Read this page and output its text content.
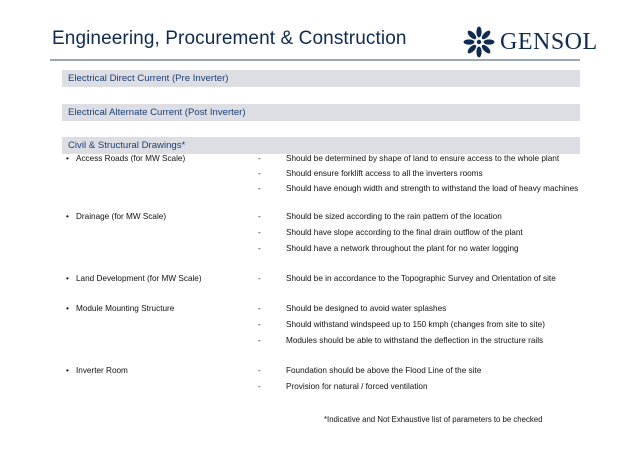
Engineering, Procurement & Construction	GENSOL
Electrical Direct Current (Pre Inverter)
Electrical Alternate Current (Post Inverter)
Civil & Structural Drawings*
• Access Roads (for MW Scale)	-	Should be determined by shape of land to ensure access to the whole plant
-	Should ensure forklift access to all the inverters rooms
-	Should have enough width and strength to withstand the load of heavy machines
• Drainage (for MW Scale)	-	Should be sized according to the rain pattern of the location
-	Should have slope according to the final drain outflow of the plant
-	Should have a network throughout the plant for no water logging
• Land Development (for MW Scale)	-	Should be in accordance to the Topographic Survey and Orientation of site
• Module Mounting Structure	-	Should be designed to avoid water splashes
-	Should withstand windspeed up to 150 kmph (changes from site to site)
-	Modules should be able to withstand the deflection in the structure rails
• Inverter Room	-	Foundation should be above the Flood Line of the site
-	Provision for natural / forced ventilation
*Indicative and Not Exhaustive list of parameters to be checked
